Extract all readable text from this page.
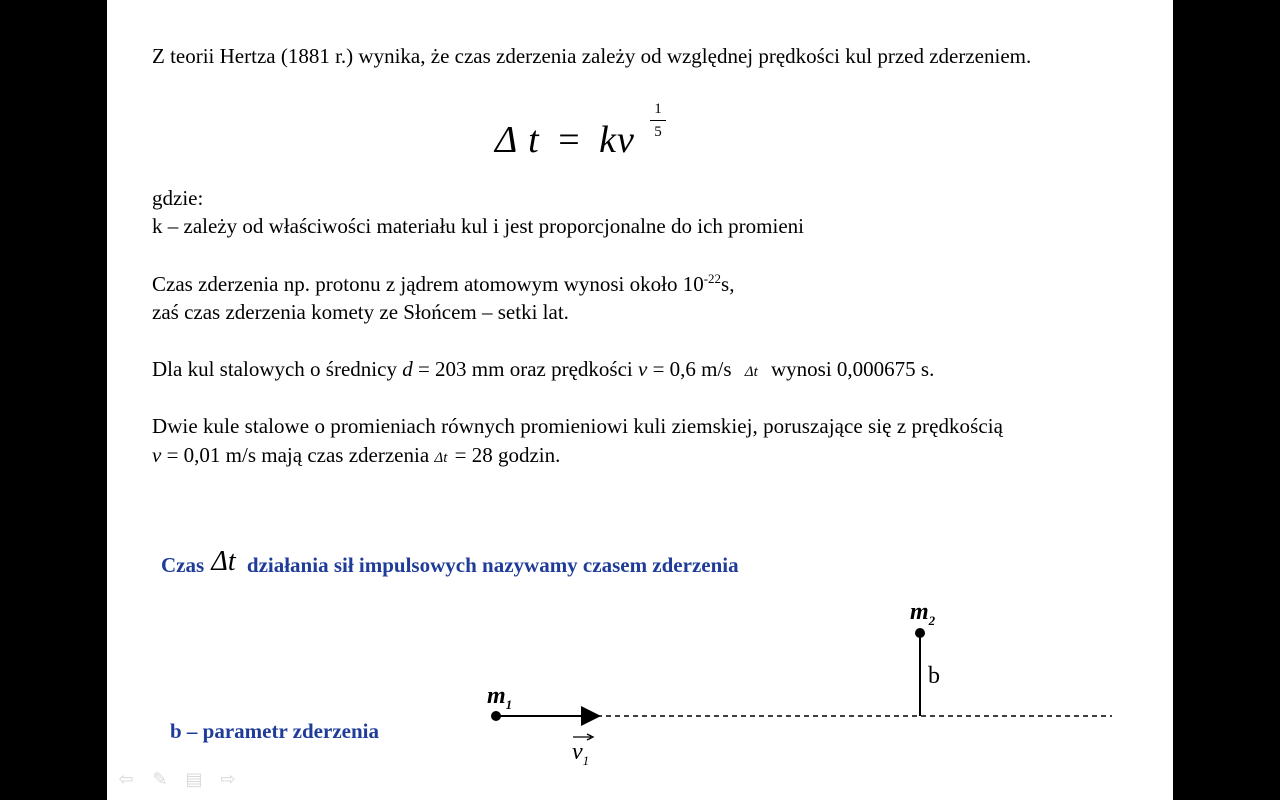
Z teorii Hertza (1881 r.) wynika, że czas zderzenia zależy od względnej prędkości kul przed zderzeniem.
Δ t = kv
1
5
gdzie:
k – zależy od właściwości materiału kul i jest proporcjonalne do ich promieni
Czas zderzenia np. protonu z jądrem atomowym wynosi około $10^{-22}s$,
zaś czas zderzenia komety ze Słońcem – setki lat.
Dla kul stalowych o średnicy d = 203 mm oraz prędkości v = 0,6 m/s Δt wynosi 0,000675 s.
Dwie kule stalowe o promieniach równych promieniowi kuli ziemskiej, poruszające się z prędkością
v = 0,01 m/s mają czas zderzenia Δt = 28 godzin.
Czas Δt działania sił impulsowych nazywamy czasem zderzenia
b – parametr zderzenia
$m_1$
$m_2$
b
$v_1$
⇦ ✎ ▤ ⇨
